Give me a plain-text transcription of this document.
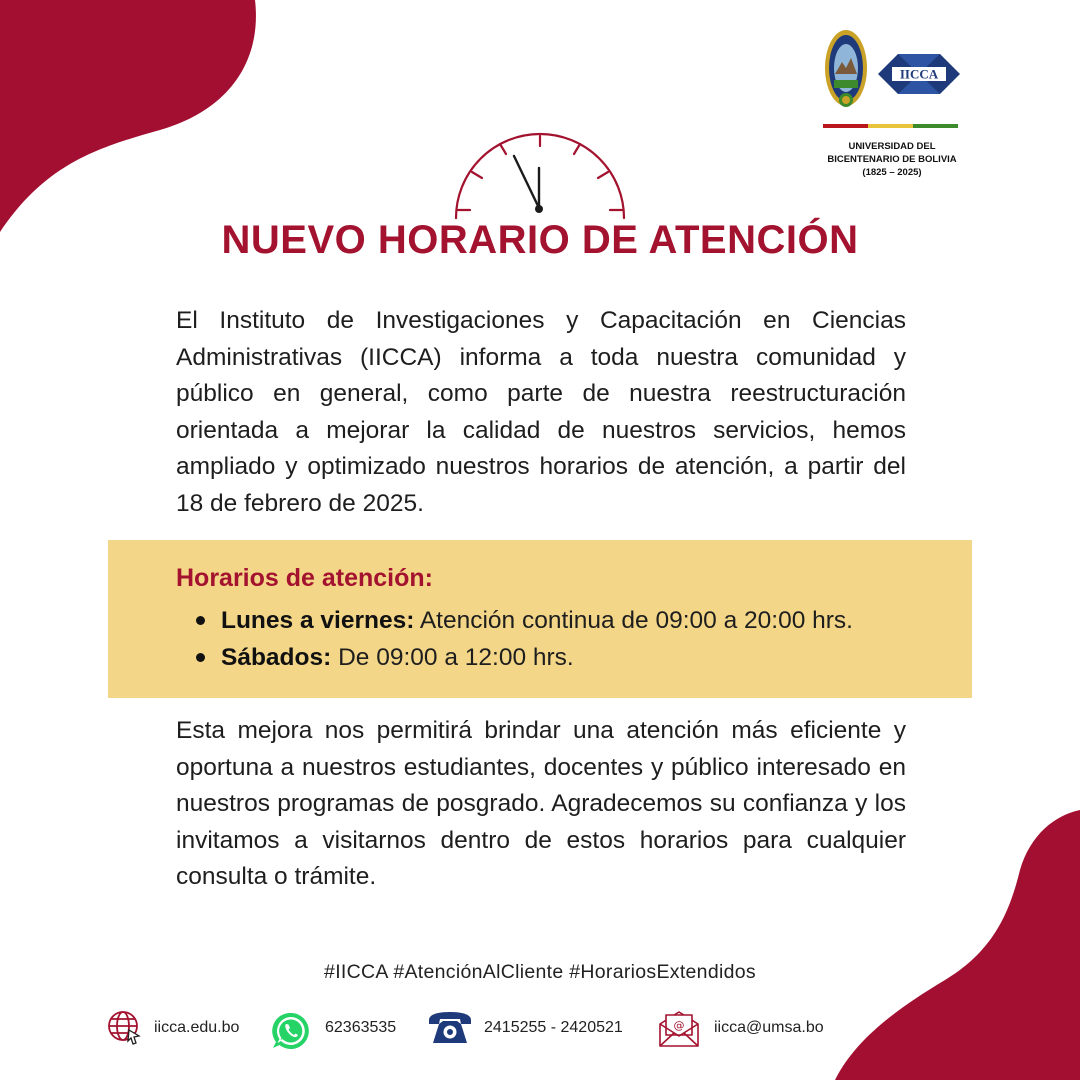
IICCA
UNIVERSIDAD DEL
BICENTENARIO DE BOLIVIA
(1825 – 2025)
NUEVO HORARIO DE ATENCIÓN

El Instituto de Investigaciones y Capacitación en Ciencias Administrativas (IICCA) informa a toda nuestra comunidad y público en general, como parte de nuestra reestructuración orientada a mejorar la calidad de nuestros servicios, hemos ampliado y optimizado nuestros horarios de atención, a partir del 18 de febrero de 2025.

Horarios de atención:
Lunes a viernes: Atención continua de 09:00 a 20:00 hrs.
Sábados: De 09:00 a 12:00 hrs.

Esta mejora nos permitirá brindar una atención más eficiente y oportuna a nuestros estudiantes, docentes y público interesado en nuestros programas de posgrado. Agradecemos su confianza y los invitamos a visitarnos dentro de estos horarios para cualquier consulta o trámite.

#IICCA #AtenciónAlCliente #HorariosExtendidos
iicca.edu.bo	62363535	2415255 - 2420521	@ iicca@umsa.bo
